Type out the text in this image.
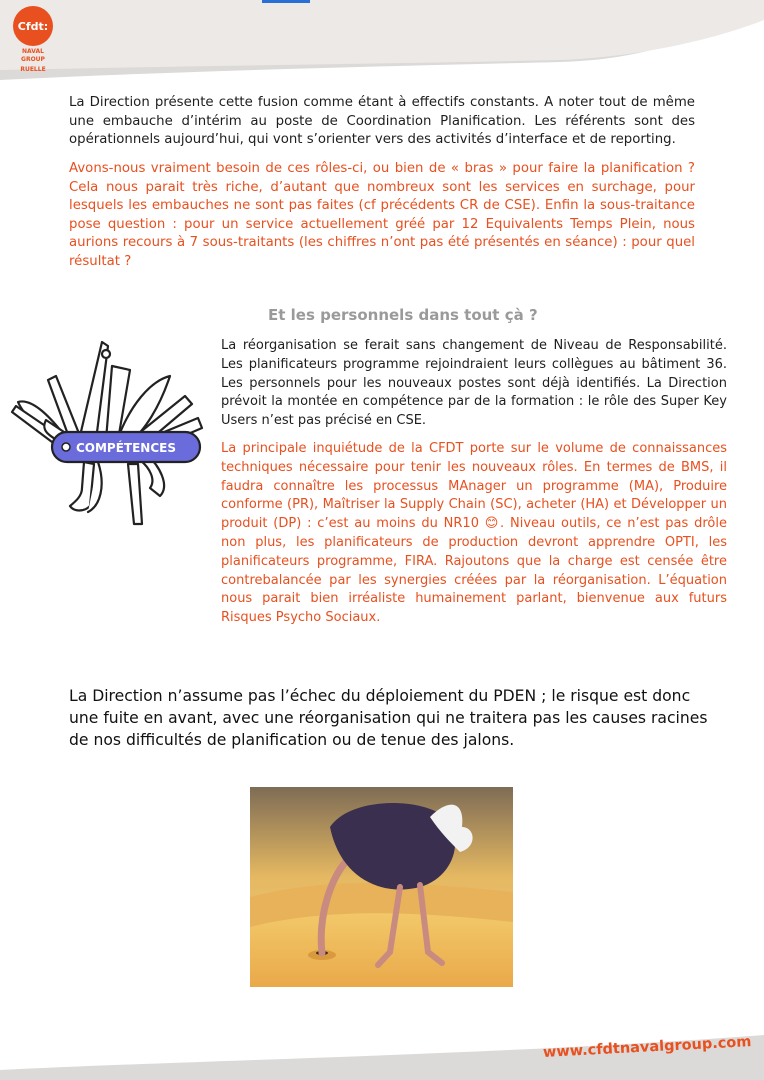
Cfdt:
NAVAL GROUP
RUELLE

La Direction présente cette fusion comme étant à effectifs constants. A noter tout de même une embauche d’intérim au poste de Coordination Planification. Les référents sont des opérationnels aujourd’hui, qui vont s’orienter vers des activités d’interface et de reporting.

Avons-nous vraiment besoin de ces rôles-ci, ou bien de « bras » pour faire la planification ? Cela nous parait très riche, d’autant que nombreux sont les services en surchage, pour lesquels les embauches ne sont pas faites (cf précédents CR de CSE). Enfin la sous-traitance pose question : pour un service actuellement gréé par 12 Equivalents Temps Plein, nous aurions recours à 7 sous-traitants (les chiffres n’ont pas été présentés en séance) : pour quel résultat ?

Et les personnels dans tout çà ?
COMPÉTENCES

La réorganisation se ferait sans changement de Niveau de Responsabilité. Les planificateurs programme rejoindraient leurs collègues au bâtiment 36. Les personnels pour les nouveaux postes sont déjà identifiés. La Direction prévoit la montée en compétence par de la formation : le rôle des Super Key Users n’est pas précisé en CSE.

La principale inquiétude de la CFDT porte sur le volume de connaissances techniques nécessaire pour tenir les nouveaux rôles. En termes de BMS, il faudra connaître les processus MAnager un programme (MA), Produire conforme (PR), Maîtriser la Supply Chain (SC), acheter (HA) et Développer un produit (DP) : c’est au moins du NR10 😊. Niveau outils, ce n’est pas drôle non plus, les planificateurs de production devront apprendre OPTI, les planificateurs programme, FIRA. Rajoutons que la charge est censée être contrebalancée par les synergies créées par la réorganisation. L’équation nous parait bien irréaliste humainement parlant, bienvenue aux futurs Risques Psycho Sociaux.

La Direction n’assume pas l’échec du déploiement du PDEN ; le risque est donc une fuite en avant, avec une réorganisation qui ne traitera pas les causes racines de nos difficultés de planification ou de tenue des jalons.

www.cfdtnavalgroup.com
